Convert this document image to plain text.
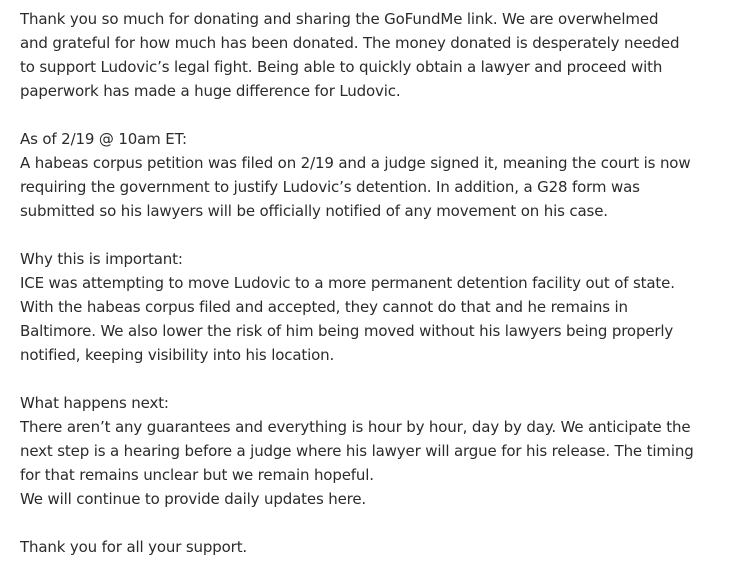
Thank you so much for donating and sharing the GoFundMe link. We are overwhelmed
and grateful for how much has been donated. The money donated is desperately needed
to support Ludovic’s legal fight. Being able to quickly obtain a lawyer and proceed with
paperwork has made a huge difference for Ludovic.
As of 2/19 @ 10am ET:
A habeas corpus petition was filed on 2/19 and a judge signed it, meaning the court is now
requiring the government to justify Ludovic’s detention. In addition, a G28 form was
submitted so his lawyers will be officially notified of any movement on his case.
Why this is important:
ICE was attempting to move Ludovic to a more permanent detention facility out of state.
With the habeas corpus filed and accepted, they cannot do that and he remains in
Baltimore. We also lower the risk of him being moved without his lawyers being properly
notified, keeping visibility into his location.
What happens next:
There aren’t any guarantees and everything is hour by hour, day by day. We anticipate the
next step is a hearing before a judge where his lawyer will argue for his release. The timing
for that remains unclear but we remain hopeful.
We will continue to provide daily updates here.
Thank you for all your support.
